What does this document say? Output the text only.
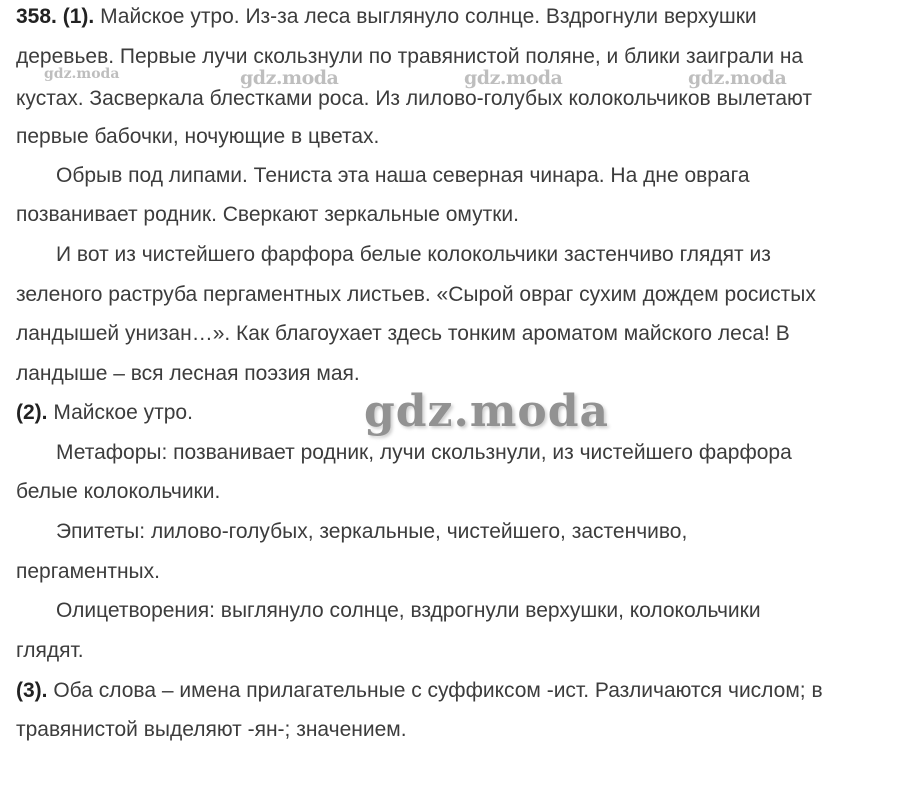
358. (1). Майское утро. Из-за леса выглянуло солнце. Вздрогнули верхушки
деревьев. Первые лучи скользнули по травянистой поляне, и блики заиграли на
кустах. Засверкала блестками роса. Из лилово-голубых колокольчиков вылетают
первые бабочки, ночующие в цветах.
Обрыв под липами. Тениста эта наша северная чинара. На дне оврага
позванивает родник. Сверкают зеркальные омутки.
И вот из чистейшего фарфора белые колокольчики застенчиво глядят из
зеленого раструба пергаментных листьев. «Сырой овраг сухим дождем росистых
ландышей унизан…». Как благоухает здесь тонким ароматом майского леса! В
ландыше – вся лесная поэзия мая.
(2). Майское утро.
Метафоры: позванивает родник, лучи скользнули, из чистейшего фарфора
белые колокольчики.
Эпитеты: лилово-голубых, зеркальные, чистейшего, застенчиво,
пергаментных.
Олицетворения: выглянуло солнце, вздрогнули верхушки, колокольчики
глядят.
(3). Оба слова – имена прилагательные с суффиксом -ист. Различаются числом; в
травянистой выделяют -ян-; значением.
gdz.moda	gdz.moda	gdz.moda	gdz.moda
gdz.moda
